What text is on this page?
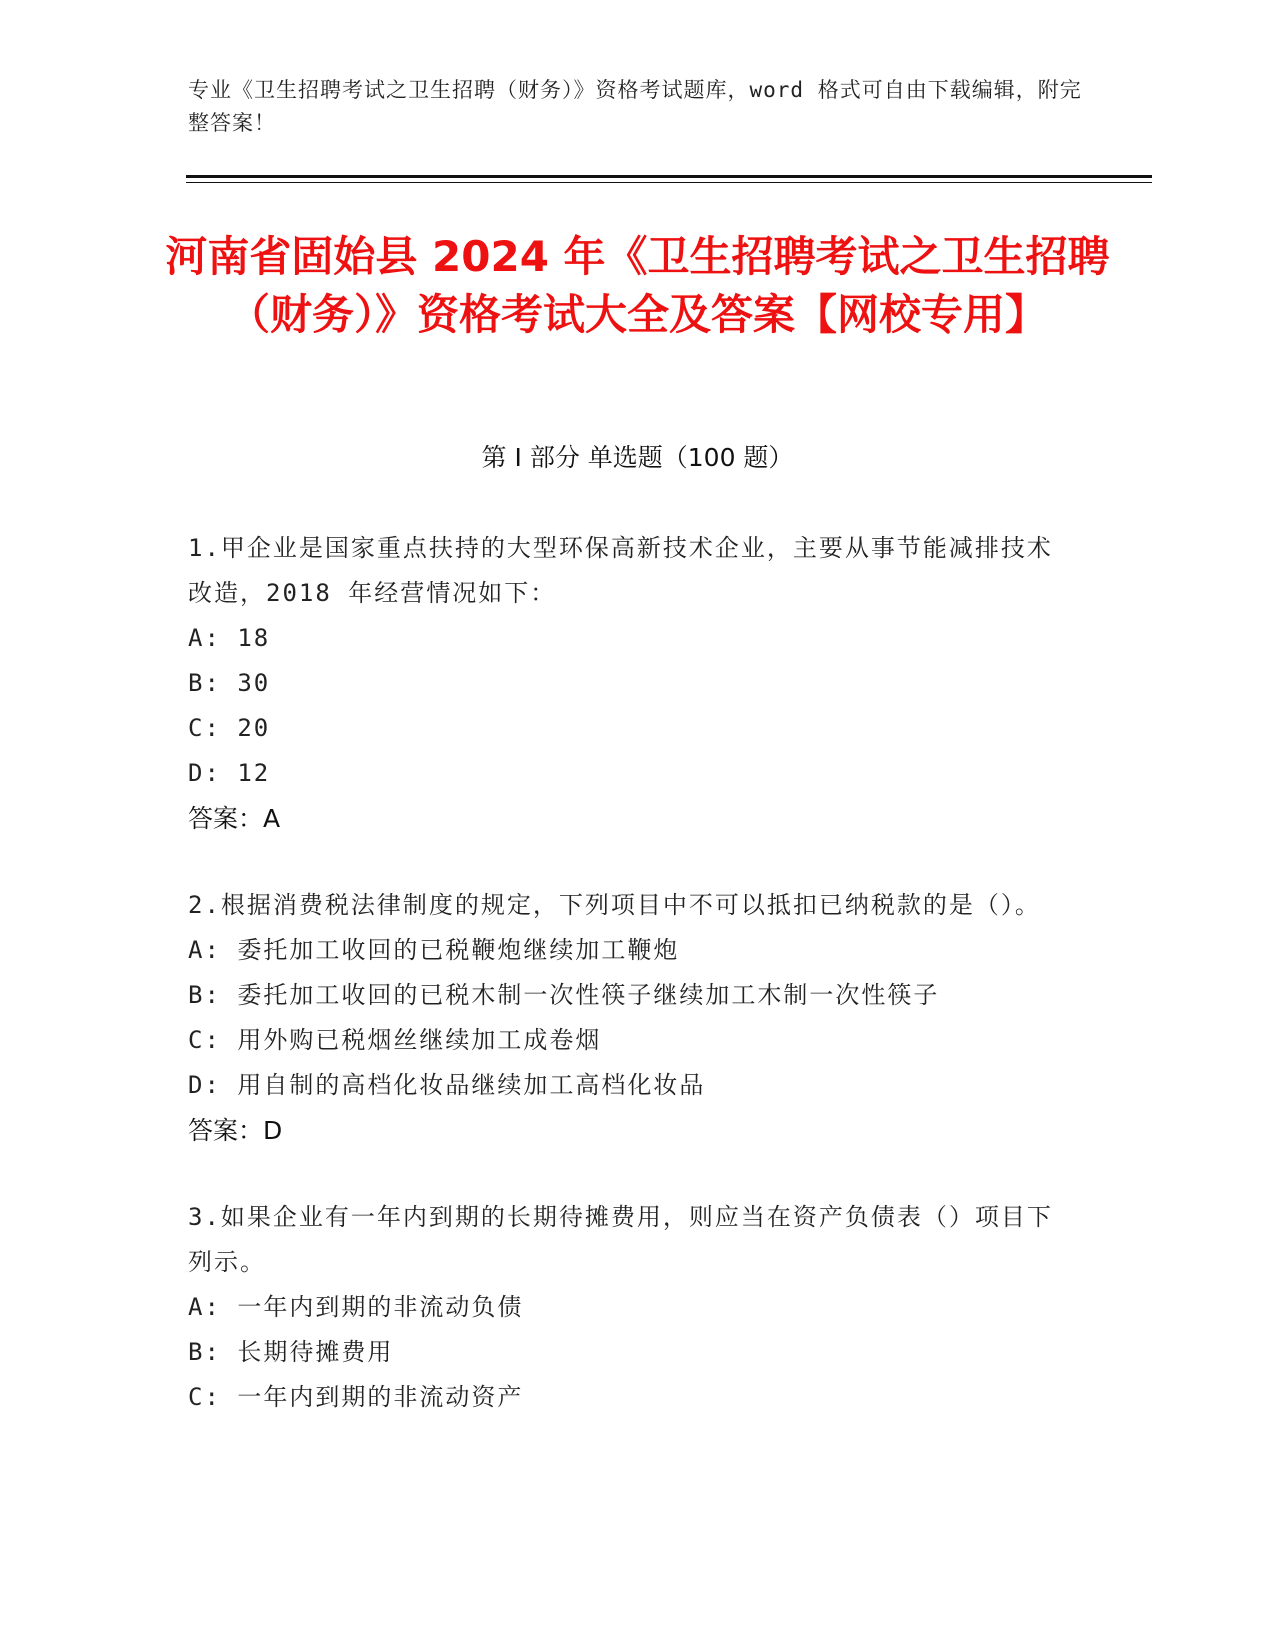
专业《卫生招聘考试之卫生招聘（财务）》资格考试题库，word 格式可自由下载编辑，附完整答案！
河南省固始县 2024 年《卫生招聘考试之卫生招聘（财务）》资格考试大全及答案【网校专用】
第 I 部分 单选题（100 题）
1.甲企业是国家重点扶持的大型环保高新技术企业，主要从事节能减排技术改造，2018 年经营情况如下：
A: 18
B: 30
C: 20
D: 12
答案：A
2.根据消费税法律制度的规定，下列项目中不可以抵扣已纳税款的是（）。
A: 委托加工收回的已税鞭炮继续加工鞭炮
B: 委托加工收回的已税木制一次性筷子继续加工木制一次性筷子
C: 用外购已税烟丝继续加工成卷烟
D: 用自制的高档化妆品继续加工高档化妆品
答案：D
3.如果企业有一年内到期的长期待摊费用，则应当在资产负债表（）项目下列示。
A: 一年内到期的非流动负债
B: 长期待摊费用
C: 一年内到期的非流动资产
